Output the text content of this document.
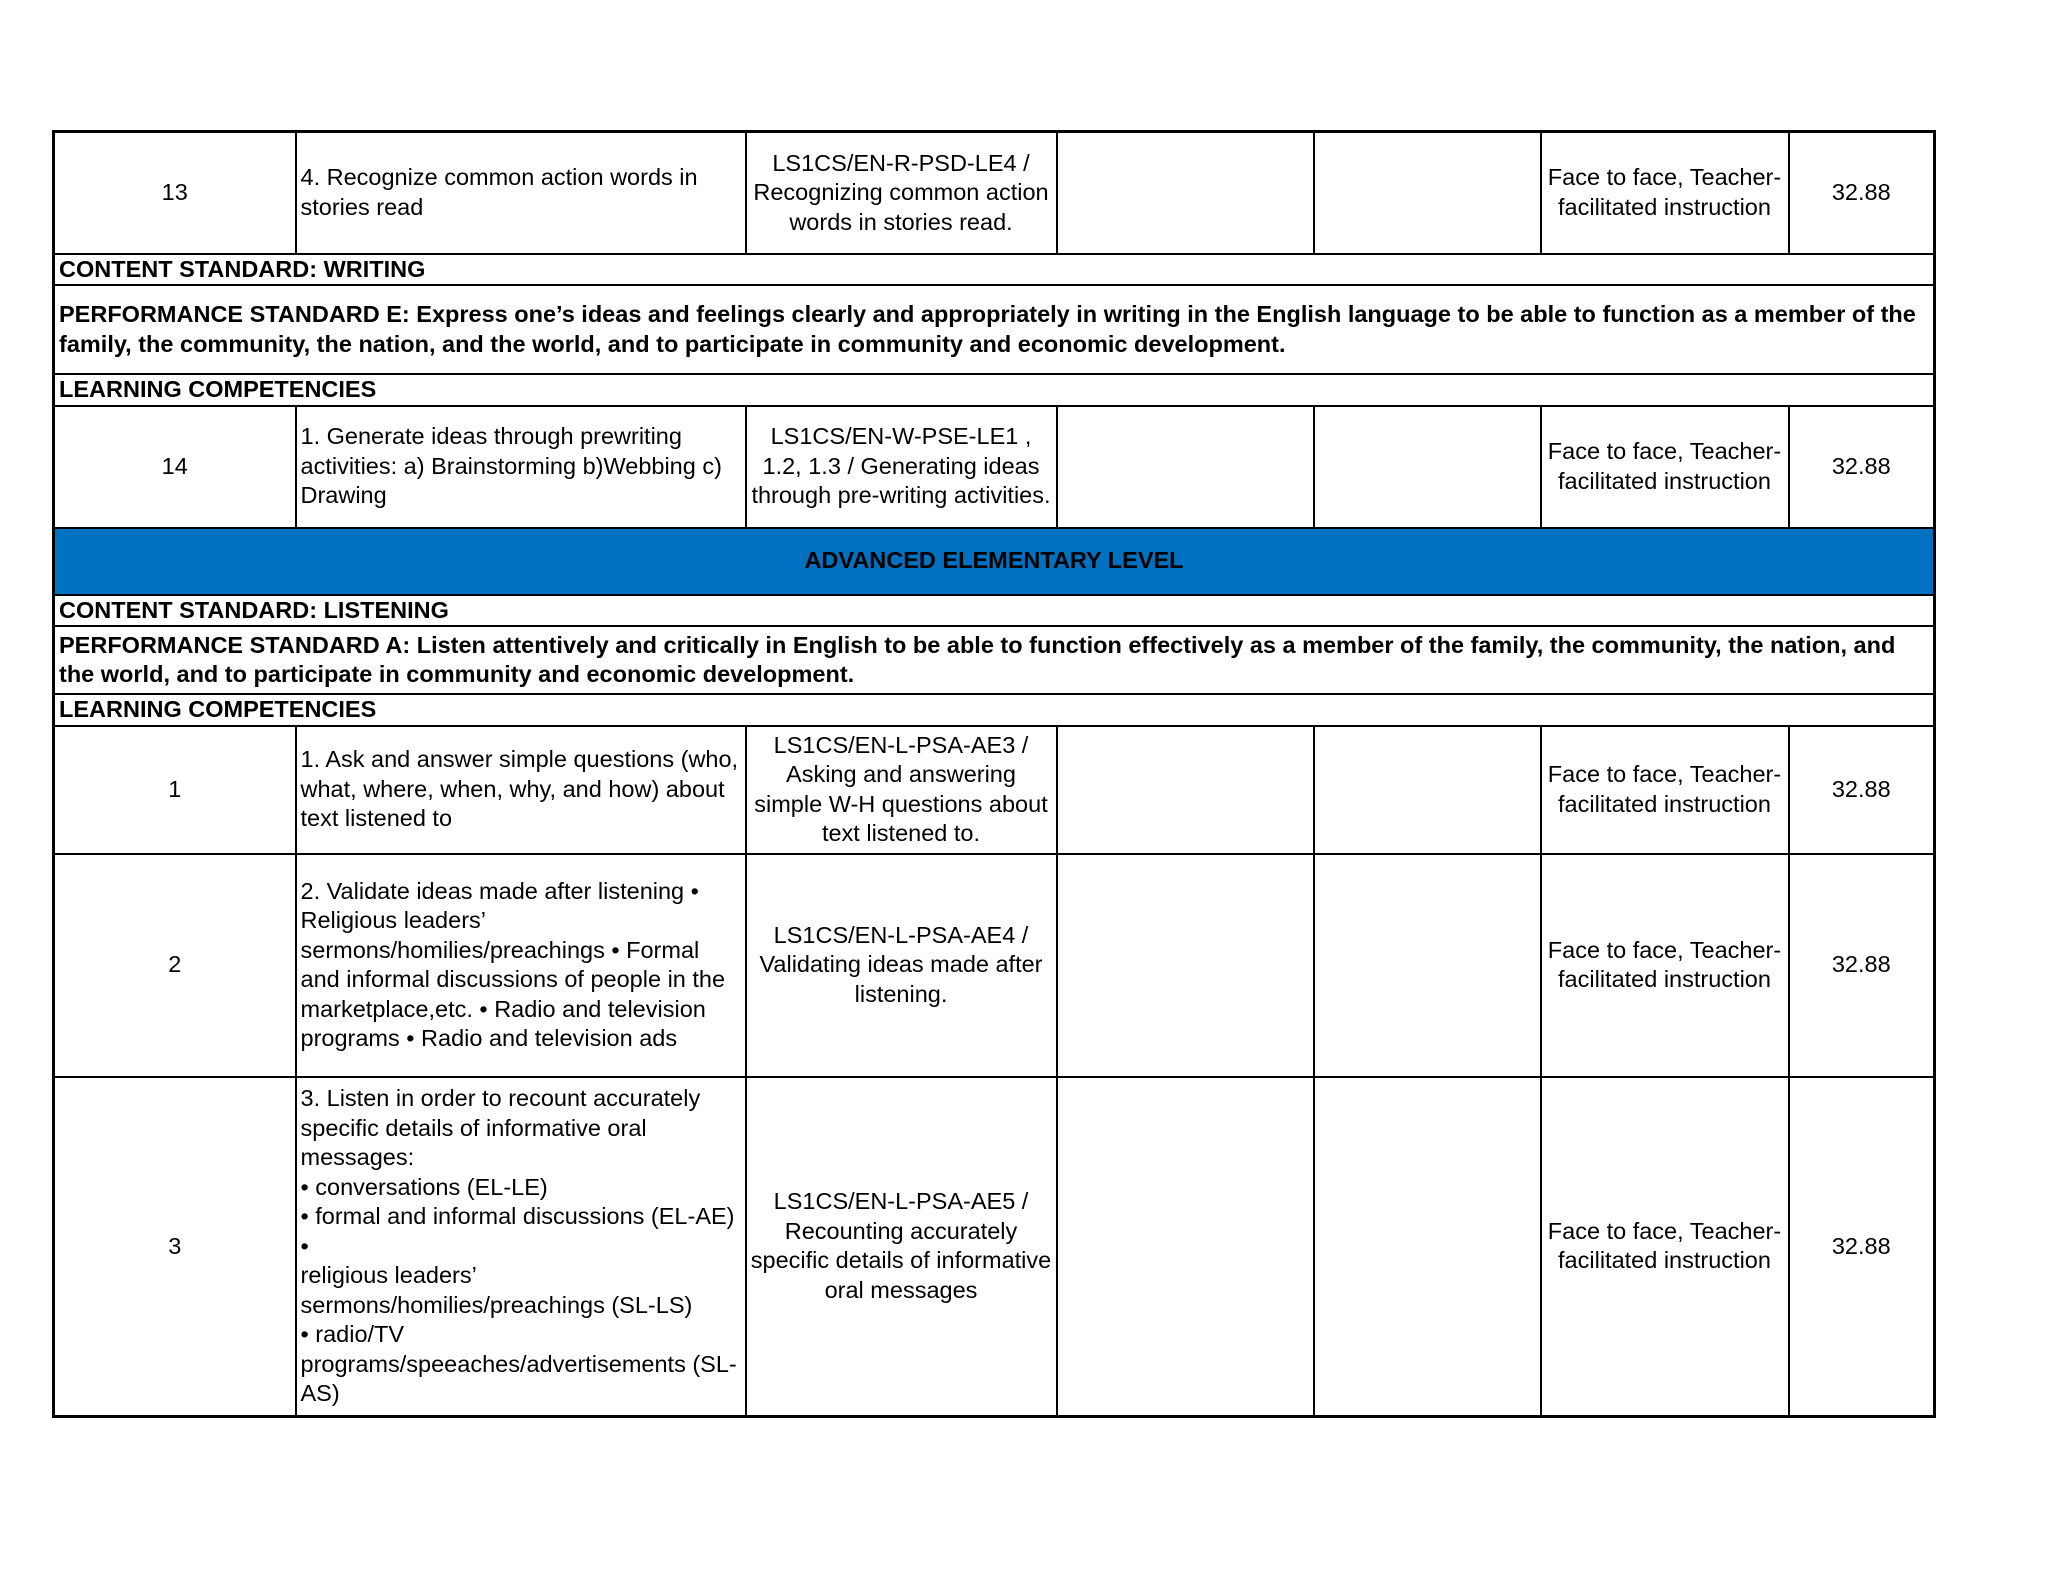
13	4. Recognize common action words in stories read	LS1CS/EN-R-PSD-LE4 / Recognizing common action words in stories read.			Face to face, Teacher-facilitated instruction	32.88
CONTENT STANDARD: WRITING						
PERFORMANCE STANDARD E: Express one’s ideas and feelings clearly and appropriately in writing in the English language to be able to function as a member of the family, the community, the nation, and the world, and to participate in community and economic development.						
LEARNING COMPETENCIES						
14	1. Generate ideas through prewriting activities: a) Brainstorming b)Webbing c) Drawing	LS1CS/EN-W-PSE-LE1 , 1.2, 1.3 / Generating ideas through pre-writing activities.			Face to face, Teacher-facilitated instruction	32.88
ADVANCED ELEMENTARY LEVEL						
CONTENT STANDARD: LISTENING						
PERFORMANCE STANDARD A: Listen attentively and critically in English to be able to function effectively as a member of the family, the community, the nation, and the world, and to participate in community and economic development.						
LEARNING COMPETENCIES						
1	1. Ask and answer simple questions (who, what, where, when, why, and how) about text listened to	LS1CS/EN-L-PSA-AE3 / Asking and answering simple W-H questions about text listened to.			Face to face, Teacher-facilitated instruction	32.88
2	2. Validate ideas made after listening • Religious leaders’ sermons/homilies/preachings • Formal and informal discussions of people in the marketplace,etc. • Radio and television programs • Radio and television ads	LS1CS/EN-L-PSA-AE4 / Validating ideas made after listening.			Face to face, Teacher-facilitated instruction	32.88
3	3. Listen in order to recount accurately specific details of informative oral messages:
• conversations (EL-LE)
• formal and informal discussions (EL-AE) •
religious leaders’ sermons/homilies/preachings (SL-LS)
• radio/TV programs/speeaches/advertisements (SL-AS)	LS1CS/EN-L-PSA-AE5 / Recounting accurately specific details of informative oral messages			Face to face, Teacher-facilitated instruction	32.88
